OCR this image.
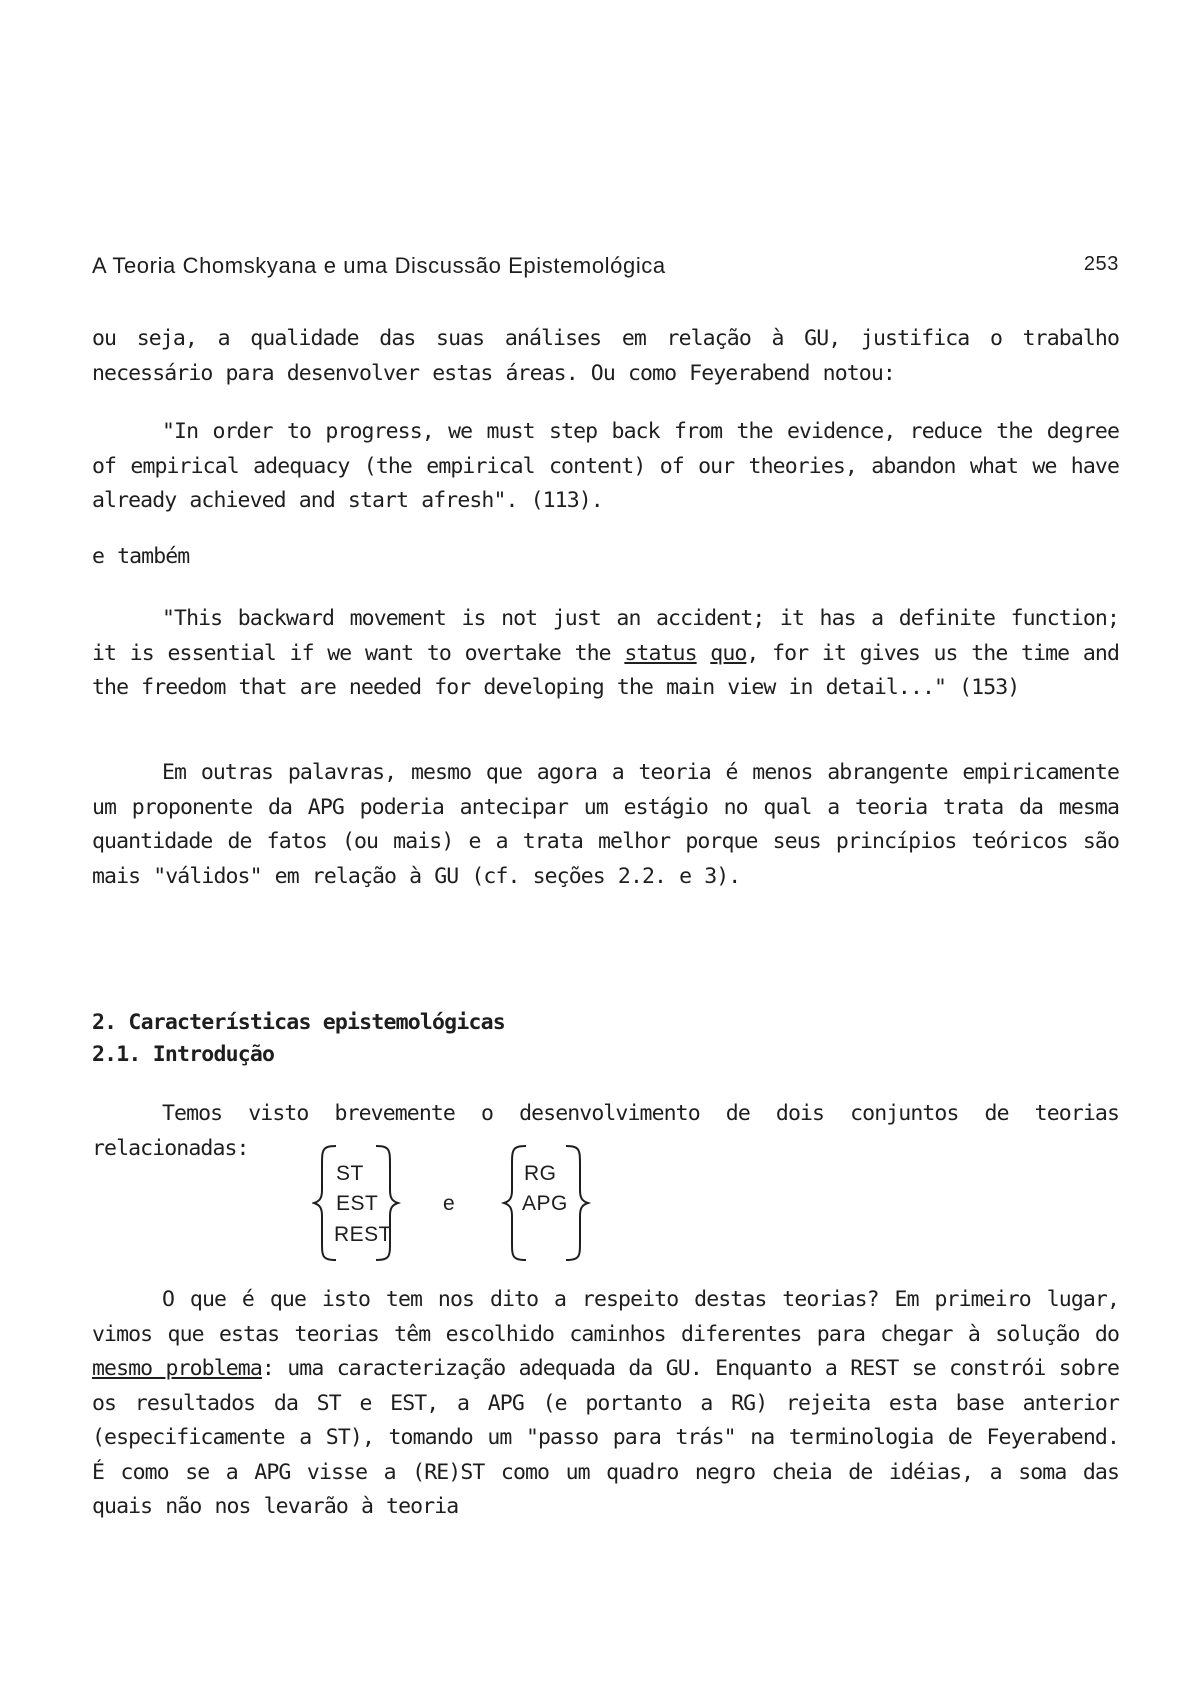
A Teoria Chomskyana e uma Discussão Epistemológica	253

ou seja, a qualidade das suas análises em relação à GU, justifica o trabalho necessário para desenvolver estas áreas. Ou como Feyerabend notou:

"In order to progress, we must step back from the evidence, reduce the degree of empirical adequacy (the empirical content) of our theories, abandon what we have already achieved and start afresh". (113).

e também

"This backward movement is not just an accident; it has a definite function; it is essential if we want to overtake the status quo, for it gives us the time and the freedom that are needed for developing the main view in detail..." (153)

Em outras palavras, mesmo que agora a teoria é menos abrangente empiricamente um proponente da APG poderia antecipar um estágio no qual a teoria trata da mesma quantidade de fatos (ou mais) e a trata melhor porque seus princípios teóricos são mais "válidos" em relação à GU (cf. seções 2.2. e 3).

2. Características epistemológicas
2.1. Introdução

Temos visto brevemente o desenvolvimento de dois conjuntos de teorias

relacionadas:

O que é que isto tem nos dito a respeito destas teorias? Em primeiro lugar, vimos que estas teorias têm escolhido caminhos diferentes para chegar à solução do mesmo problema: uma caracterização adequada da GU. Enquanto a REST se constrói sobre os resultados da ST e EST, a APG (e portanto a RG) rejeita esta base anterior (especificamente a ST), tomando um "passo para trás" na terminologia de Feyerabend. É como se a APG visse a (RE)ST como um quadro negro cheia de idéias, a soma das quais não nos levarão à teoria

ST
EST
REST
e
RG
APG
